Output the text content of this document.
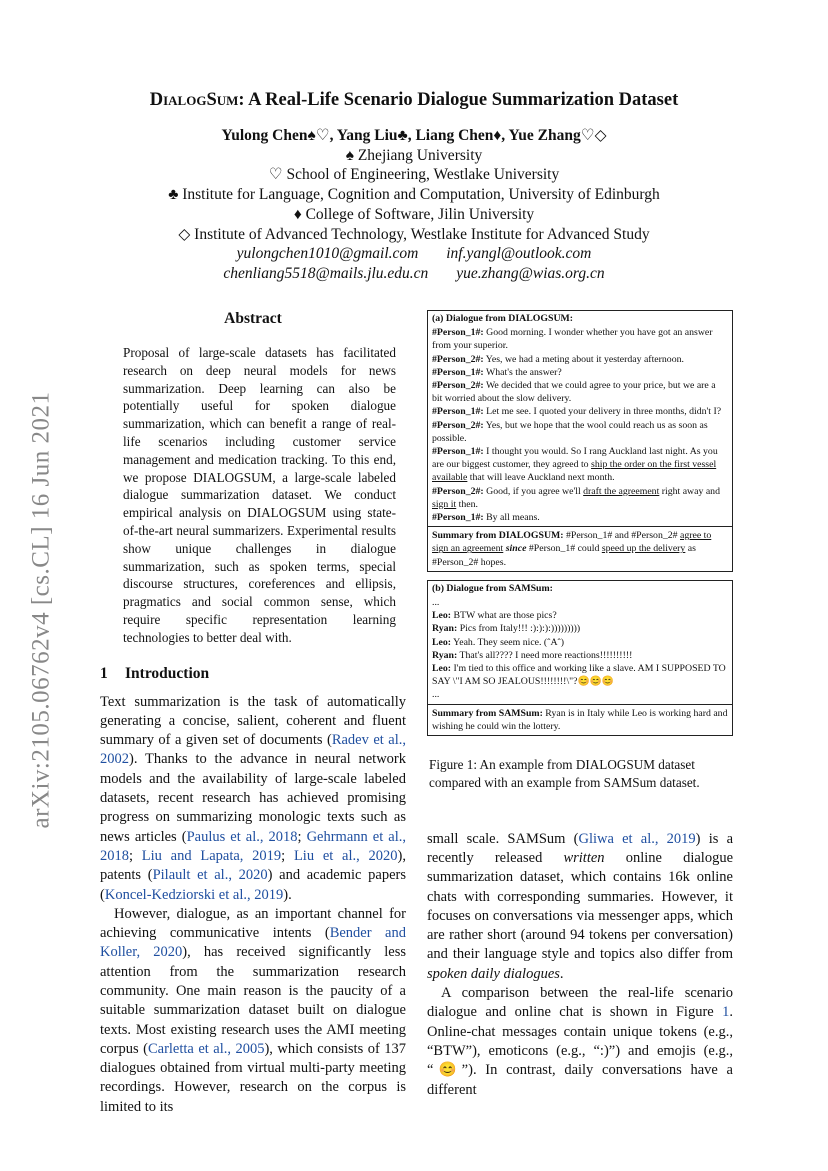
arXiv:2105.06762v4 [cs.CL] 16 Jun 2021
DialogSum: A Real-Life Scenario Dialogue Summarization Dataset
Yulong Chen♠♡, Yang Liu♣, Liang Chen♦, Yue Zhang♡◇
♠ Zhejiang University
♡ School of Engineering, Westlake University
♣ Institute for Language, Cognition and Computation, University of Edinburgh
♦ College of Software, Jilin University
◇ Institute of Advanced Technology, Westlake Institute for Advanced Study
yulongchen1010@gmail.com inf.yangl@outlook.com
chenliang5518@mails.jlu.edu.cn yue.zhang@wias.org.cn
Abstract
Proposal of large-scale datasets has facilitated research on deep neural models for news summarization. Deep learning can also be potentially useful for spoken dialogue summarization, which can benefit a range of real-life scenarios including customer service management and medication tracking. To this end, we propose DIALOGSUM, a large-scale labeled dialogue summarization dataset. We conduct empirical analysis on DIALOGSUM using state-of-the-art neural summarizers. Experimental results show unique challenges in dialogue summarization, such as spoken terms, special discourse structures, coreferences and ellipsis, pragmatics and social common sense, which require specific representation learning technologies to better deal with.
1 Introduction

Text summarization is the task of automatically generating a concise, salient, coherent and fluent summary of a given set of documents (Radev et al., 2002). Thanks to the advance in neural network models and the availability of large-scale labeled datasets, recent research has achieved promising progress on summarizing monologic texts such as news articles (Paulus et al., 2018; Gehrmann et al., 2018; Liu and Lapata, 2019; Liu et al., 2020), patents (Pilault et al., 2020) and academic papers (Koncel-Kedziorski et al., 2019).

However, dialogue, as an important channel for achieving communicative intents (Bender and Koller, 2020), has received significantly less attention from the summarization research community. One main reason is the paucity of a suitable summarization dataset built on dialogue texts. Most existing research uses the AMI meeting corpus (Carletta et al., 2005), which consists of 137 dialogues obtained from virtual multi-party meeting recordings. However, research on the corpus is limited to its

(a) Dialogue from DIALOGSUM:
#Person_1#: Good morning. I wonder whether you have got an answer from your superior.
#Person_2#: Yes, we had a meting about it yesterday afternoon.
#Person_1#: What's the answer?
#Person_2#: We decided that we could agree to your price, but we are a bit worried about the slow delivery.
#Person_1#: Let me see. I quoted your delivery in three months, didn't I?
#Person_2#: Yes, but we hope that the wool could reach us as soon as possible.
#Person_1#: I thought you would. So I rang Auckland last night. As you are our biggest customer, they agreed to ship the order on the first vessel available that will leave Auckland next month.
#Person_2#: Good, if you agree we'll draft the agreement right away and sign it then.
#Person_1#: By all means.
Summary from DIALOGSUM: #Person_1# and #Person_2# agree to sign an agreement since #Person_1# could speed up the delivery as #Person_2# hopes.
(b) Dialogue from SAMSum:
...
Leo: BTW what are those pics?
Ryan: Pics from Italy!!! :):):):)))))))))
Leo: Yeah. They seem nice. (ˆAˆ)
Ryan: That's all???? I need more reactions!!!!!!!!!!
Leo: I'm tied to this office and working like a slave. AM I SUPPOSED TO SAY \"I AM SO JEALOUS!!!!!!!!\"?😊😊😊
...
Summary from SAMSum: Ryan is in Italy while Leo is working hard and wishing he could win the lottery.
Figure 1: An example from DIALOGSUM dataset compared with an example from SAMSum dataset.

small scale. SAMSum (Gliwa et al., 2019) is a recently released written online dialogue summarization dataset, which contains 16k online chats with corresponding summaries. However, it focuses on conversations via messenger apps, which are rather short (around 94 tokens per conversation) and their language style and topics also differ from spoken daily dialogues.

A comparison between the real-life scenario dialogue and online chat is shown in Figure 1. Online-chat messages contain unique tokens (e.g., “BTW”), emoticons (e.g., “:)”) and emojis (e.g., “😊”). In contrast, daily conversations have a different
